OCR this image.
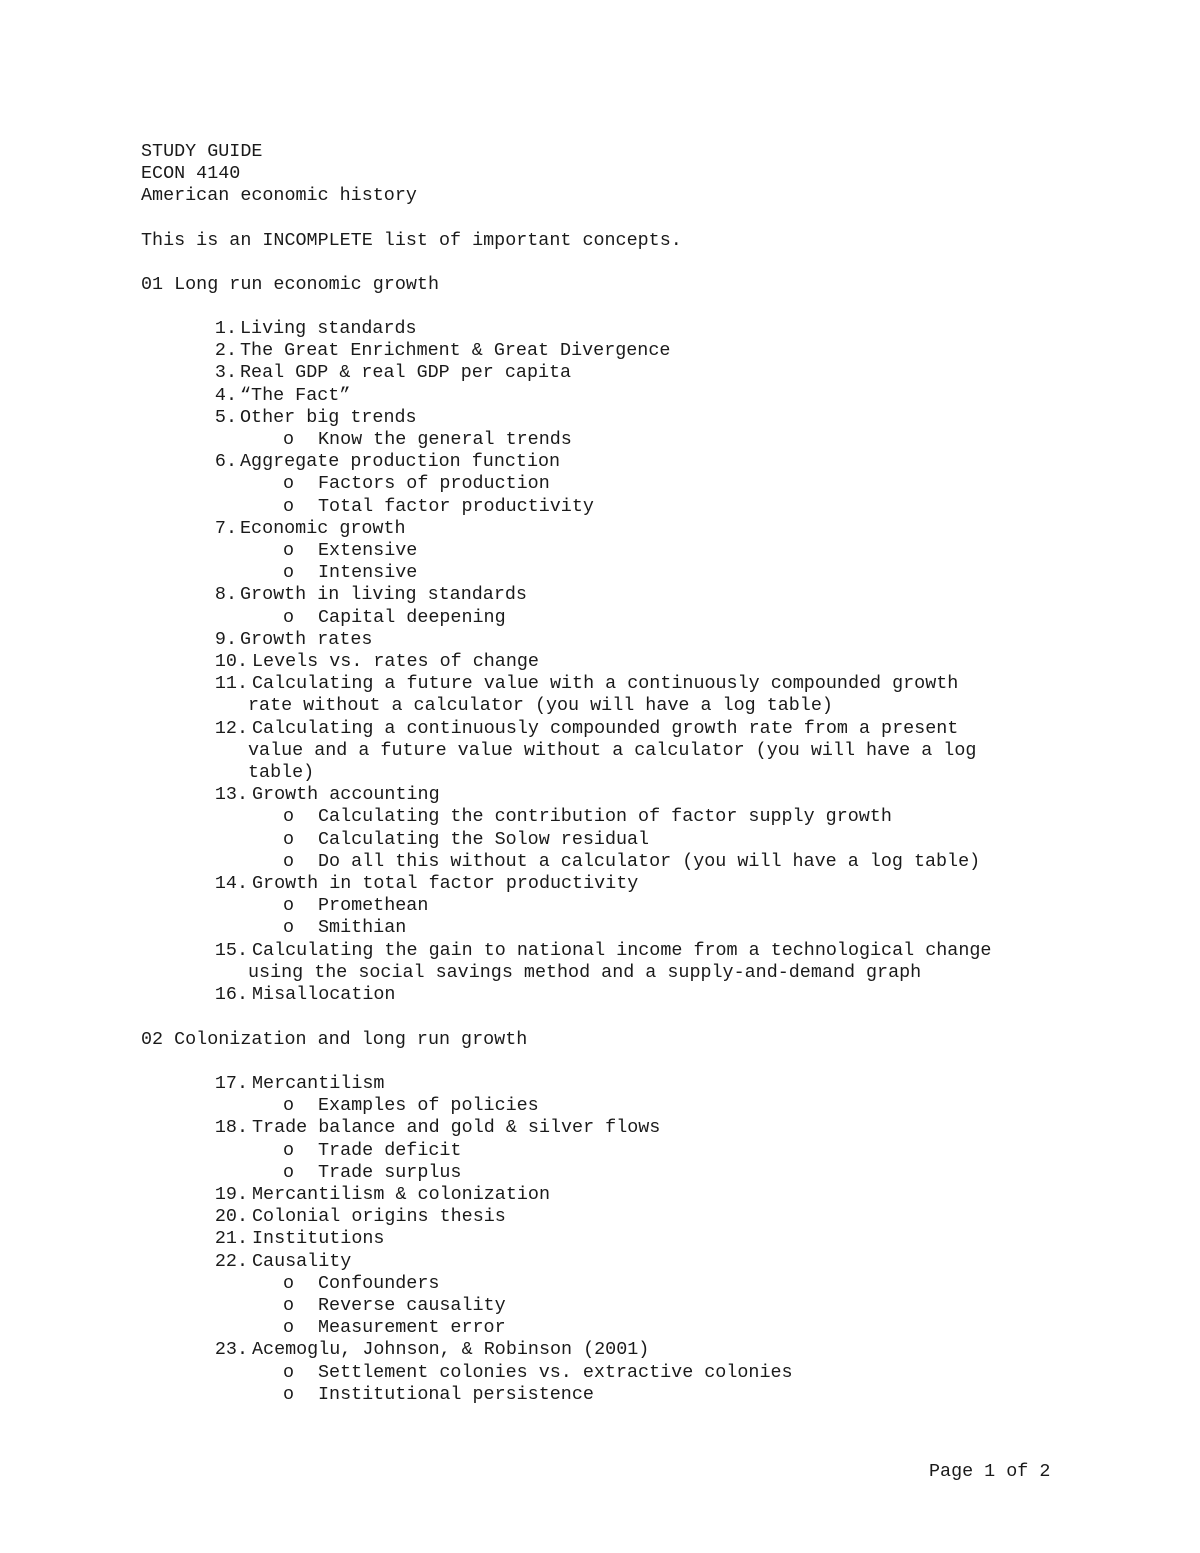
STUDY GUIDE
ECON 4140
American economic history
This is an INCOMPLETE list of important concepts.
01 Long run economic growth
1. Living standards
2. The Great Enrichment & Great Divergence
3. Real GDP & real GDP per capita
4. “The Fact”
5. Other big trends
o Know the general trends
6. Aggregate production function
o Factors of production
o Total factor productivity
7. Economic growth
o Extensive
o Intensive
8. Growth in living standards
o Capital deepening
9. Growth rates
10. Levels vs. rates of change
11. Calculating a future value with a continuously compounded growth
rate without a calculator (you will have a log table)
12. Calculating a continuously compounded growth rate from a present
value and a future value without a calculator (you will have a log
table)
13. Growth accounting
o Calculating the contribution of factor supply growth
o Calculating the Solow residual
o Do all this without a calculator (you will have a log table)
14. Growth in total factor productivity
o Promethean
o Smithian
15. Calculating the gain to national income from a technological change
using the social savings method and a supply-and-demand graph
16. Misallocation
02 Colonization and long run growth
17. Mercantilism
o Examples of policies
18. Trade balance and gold & silver flows
o Trade deficit
o Trade surplus
19. Mercantilism & colonization
20. Colonial origins thesis
21. Institutions
22. Causality
o Confounders
o Reverse causality
o Measurement error
23. Acemoglu, Johnson, & Robinson (2001)
o Settlement colonies vs. extractive colonies
o Institutional persistence
Page 1 of 2
